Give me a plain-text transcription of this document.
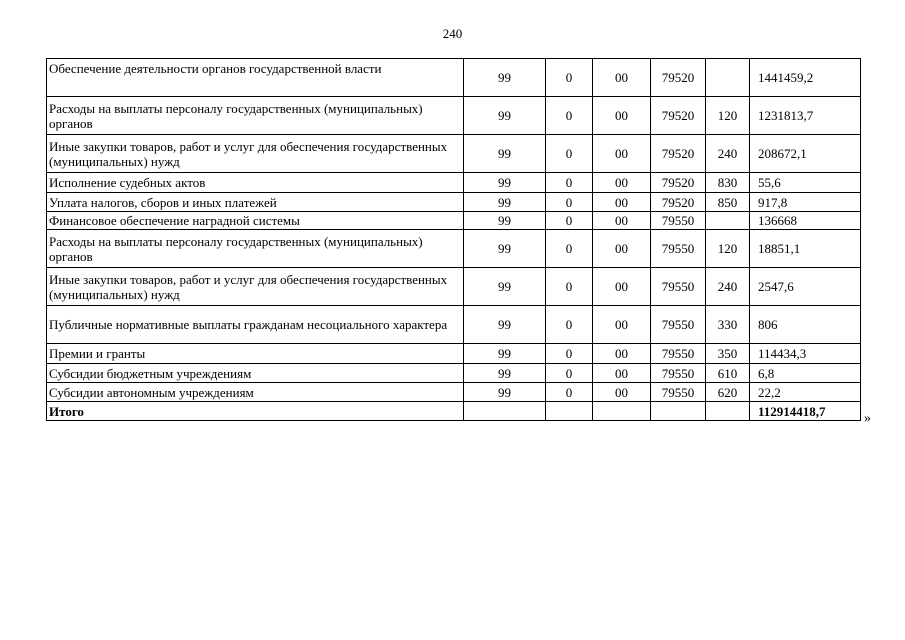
240
Обеспечение деятельности органов государственной власти	99	0	00	79520		1441459,2
Расходы на выплаты персоналу государственных (муниципальных) органов	99	0	00	79520	120	1231813,7
Иные закупки товаров, работ и услуг для обеспечения государственных (муниципальных) нужд	99	0	00	79520	240	208672,1
Исполнение судебных актов	99	0	00	79520	830	55,6
Уплата налогов, сборов и иных платежей	99	0	00	79520	850	917,8
Финансовое обеспечение наградной системы	99	0	00	79550		136668
Расходы на выплаты персоналу государственных (муниципальных) органов	99	0	00	79550	120	18851,1
Иные закупки товаров, работ и услуг для обеспечения государственных (муниципальных) нужд	99	0	00	79550	240	2547,6
Публичные нормативные выплаты гражданам несоциального характера	99	0	00	79550	330	806
Премии и гранты	99	0	00	79550	350	114434,3
Субсидии бюджетным учреждениям	99	0	00	79550	610	6,8
Субсидии автономным учреждениям	99	0	00	79550	620	22,2
Итого						112914418,7	»
